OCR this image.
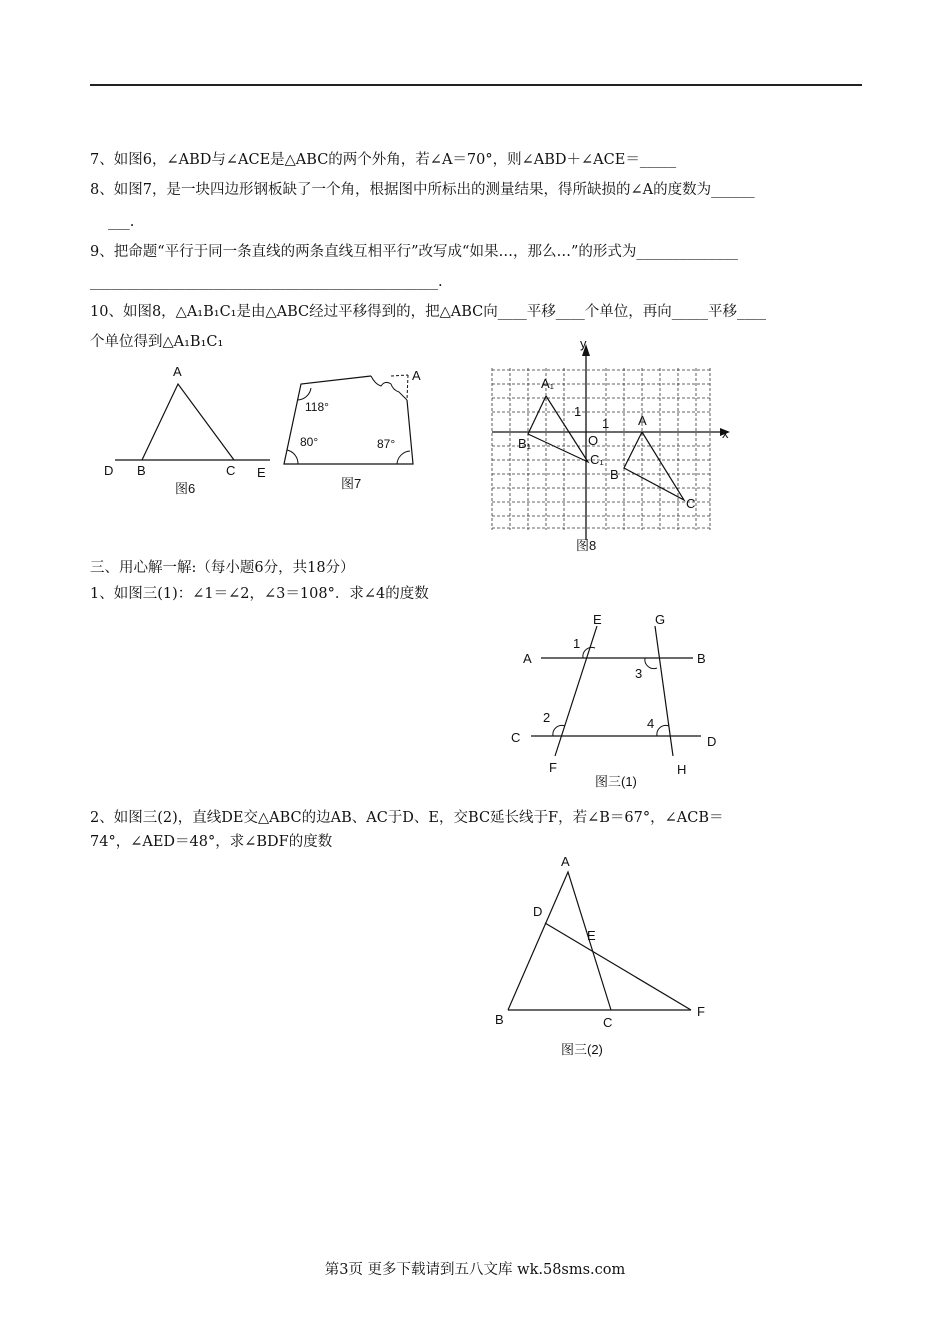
7、如图6，∠ABD与∠ACE是△ABC的两个外角，若∠A＝70°，则∠ABD＋∠ACE＝_____
8、如图7，是一块四边形钢板缺了一个角，根据图中所标出的测量结果，得所缺损的∠A的度数为______
___.
9、把命题“平行于同一条直线的两条直线互相平行”改写成“如果…，那么…”的形式为______________
________________________________________________.
10、如图8，△A₁B₁C₁是由△ABC经过平移得到的，把△ABC向____平移____个单位，再向_____平移____
个单位得到△A₁B₁C₁
A
D B	C E
图6
A
118°
80°	87°
图7
y
x
O
1
1
A₁
B₁
C₁
A
B
C
图8
三、用心解一解:（每小题6分，共18分）
1、如图三(1)：∠1＝∠2，∠3＝108°．求∠4的度数
E	G
A	B
C	D
F	H
1
2
3
4
图三(1)
2、如图三(2)，直线DE交△ABC的边AB、AC于D、E，交BC延长线于F，若∠B＝67°，∠ACB＝
74°，∠AED＝48°，求∠BDF的度数
A
D
E
B	C
F
图三(2)
第3页 更多下载请到五八文库 wk.58sms.com
